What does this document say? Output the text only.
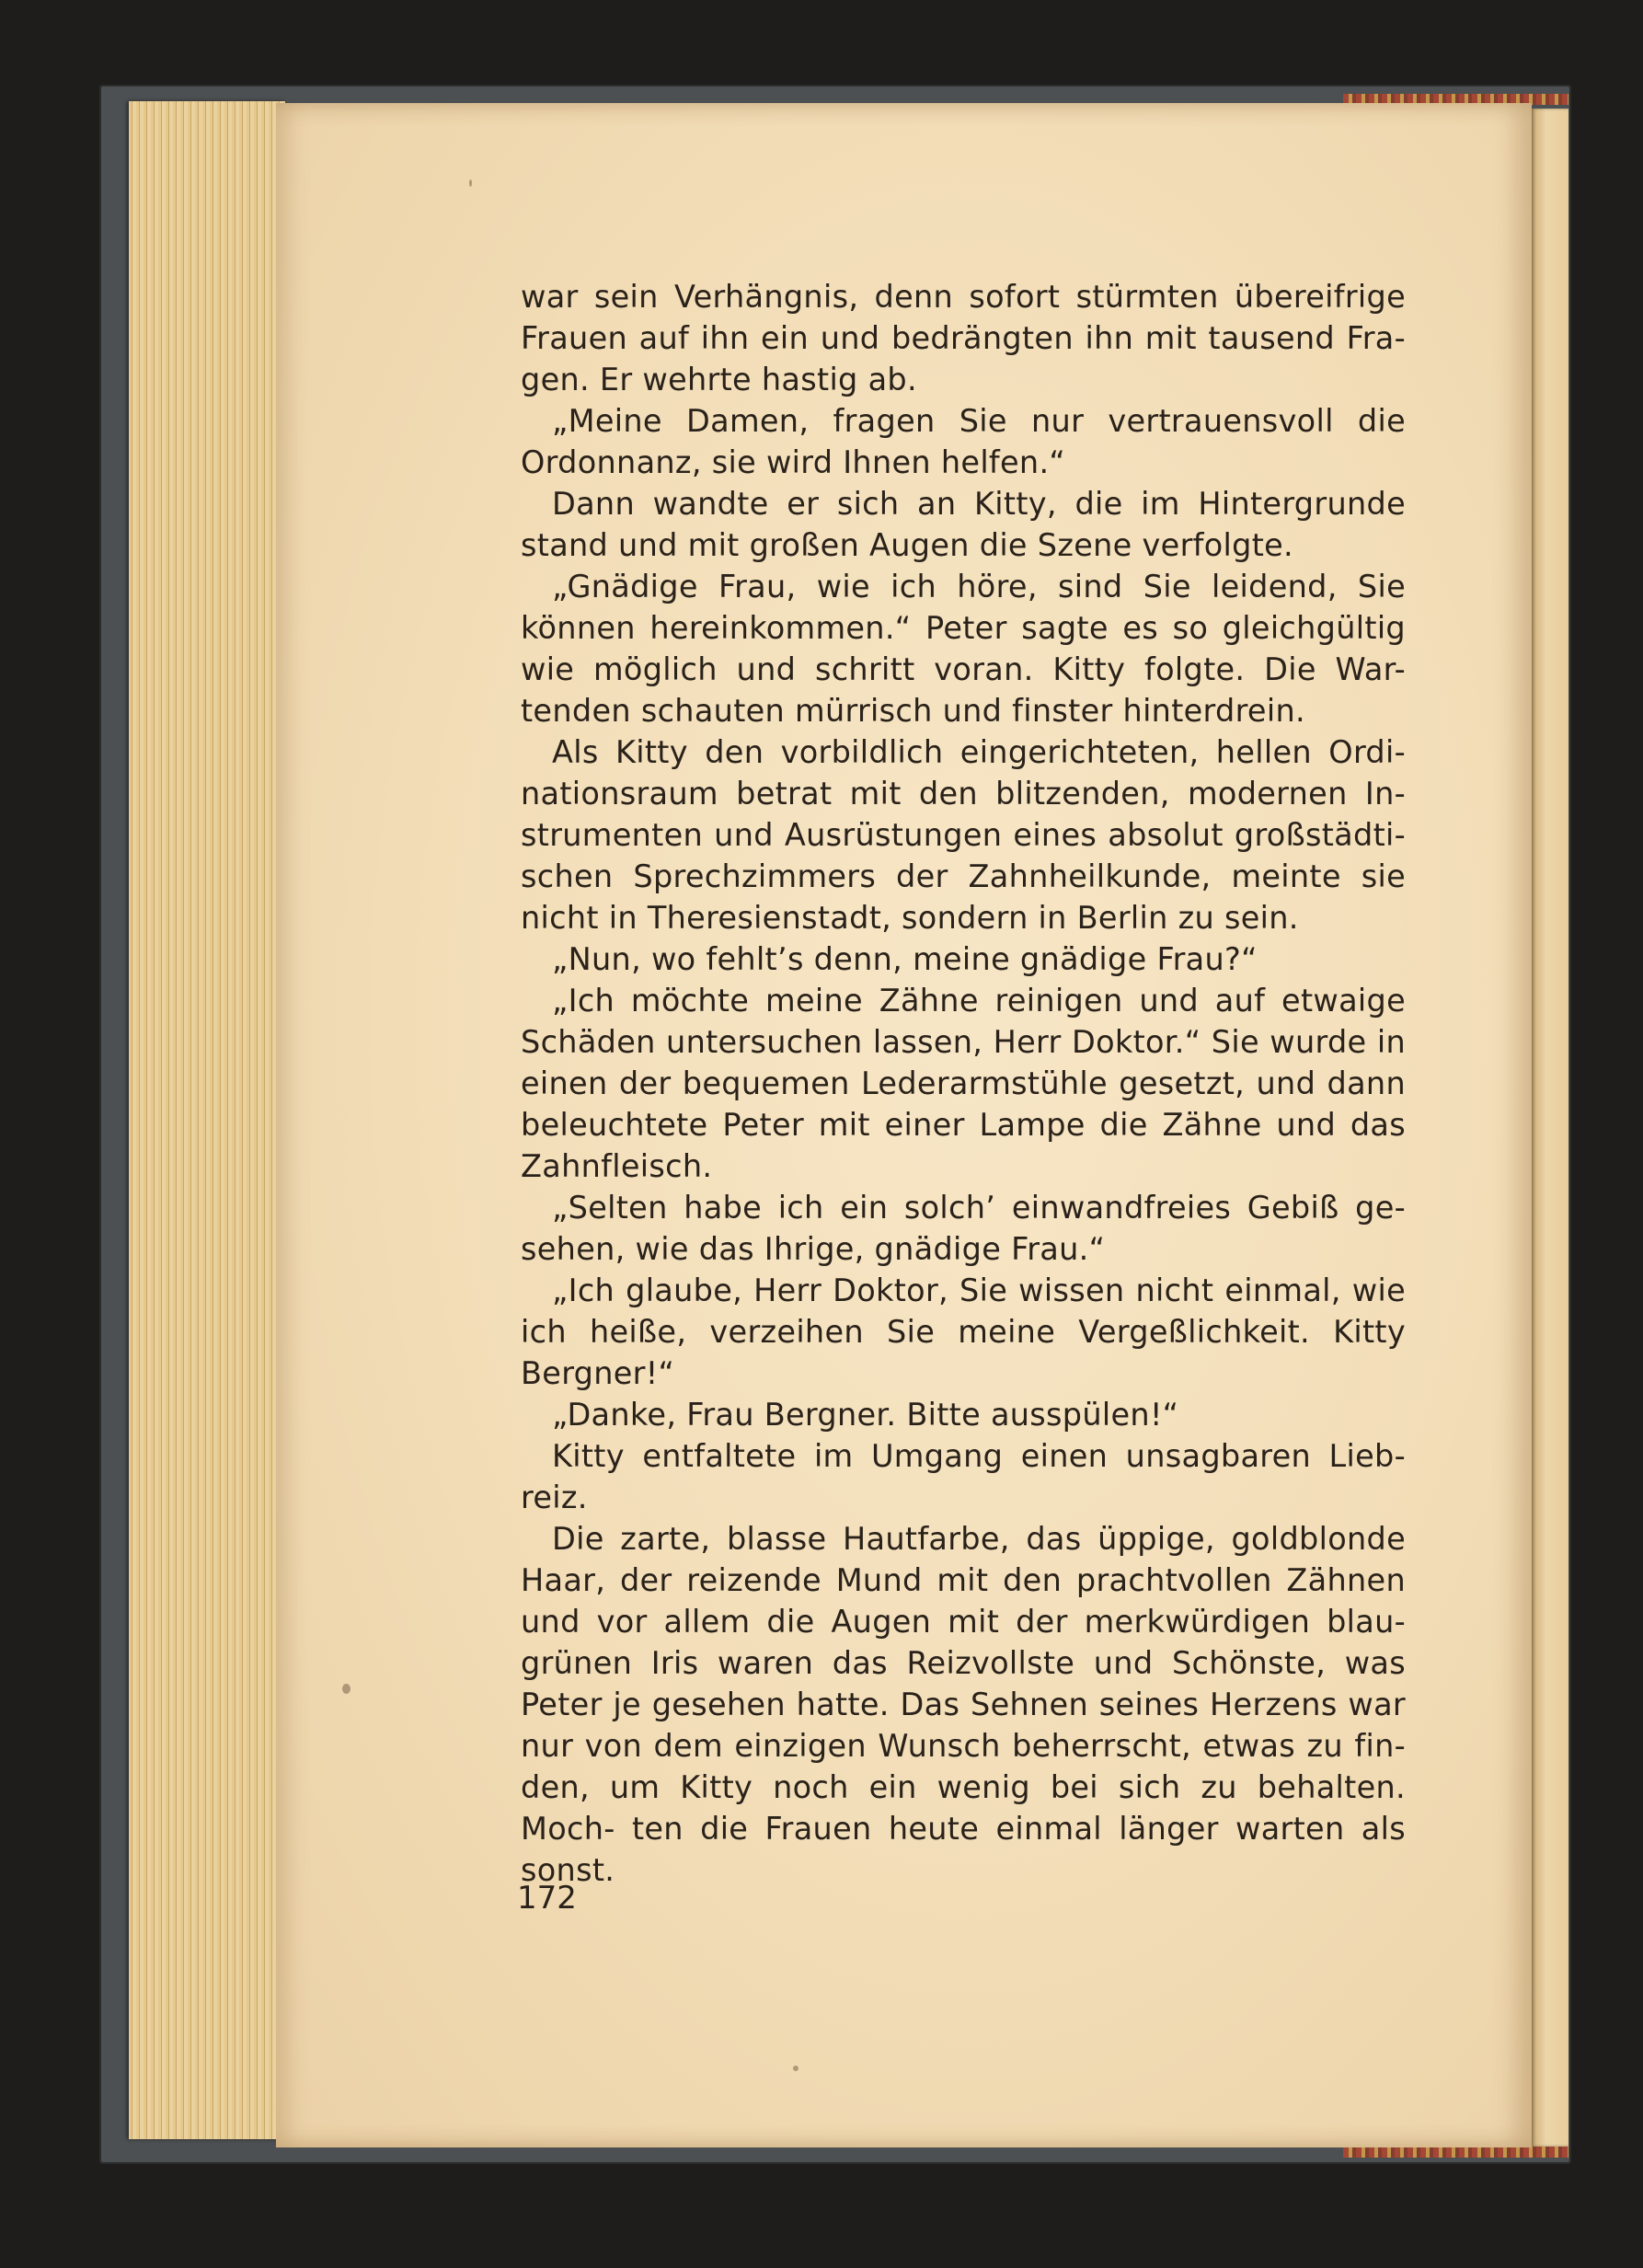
war sein Verhängnis, denn sofort stürmten übereifrige Frauen auf ihn ein und bedrängten ihn mit tausend Fra- gen. Er wehrte hastig ab.

„Meine Damen, fragen Sie nur vertrauensvoll die Ordonnanz, sie wird Ihnen helfen.“

Dann wandte er sich an Kitty, die im Hintergrunde stand und mit großen Augen die Szene verfolgte.

„Gnädige Frau, wie ich höre, sind Sie leidend, Sie können hereinkommen.“ Peter sagte es so gleichgültig wie möglich und schritt voran. Kitty folgte. Die War- tenden schauten mürrisch und finster hinterdrein.

Als Kitty den vorbildlich eingerichteten, hellen Ordi- nationsraum betrat mit den blitzenden, modernen In- strumenten und Ausrüstungen eines absolut großstädti- schen Sprechzimmers der Zahnheilkunde, meinte sie nicht in Theresienstadt, sondern in Berlin zu sein.

„Nun, wo fehlt’s denn, meine gnädige Frau?“

„Ich möchte meine Zähne reinigen und auf etwaige Schäden untersuchen lassen, Herr Doktor.“ Sie wurde in einen der bequemen Lederarmstühle gesetzt, und dann beleuchtete Peter mit einer Lampe die Zähne und das Zahnfleisch.

„Selten habe ich ein solch’ einwandfreies Gebiß ge- sehen, wie das Ihrige, gnädige Frau.“

„Ich glaube, Herr Doktor, Sie wissen nicht einmal, wie ich heiße, verzeihen Sie meine Vergeßlichkeit. Kitty Bergner!“

„Danke, Frau Bergner. Bitte ausspülen!“

Kitty entfaltete im Umgang einen unsagbaren Lieb- reiz.

Die zarte, blasse Hautfarbe, das üppige, goldblonde Haar, der reizende Mund mit den prachtvollen Zähnen und vor allem die Augen mit der merkwürdigen blau- grünen Iris waren das Reizvollste und Schönste, was Peter je gesehen hatte. Das Sehnen seines Herzens war nur von dem einzigen Wunsch beherrscht, etwas zu fin- den, um Kitty noch ein wenig bei sich zu behalten. Moch- ten die Frauen heute einmal länger warten als sonst.

172
